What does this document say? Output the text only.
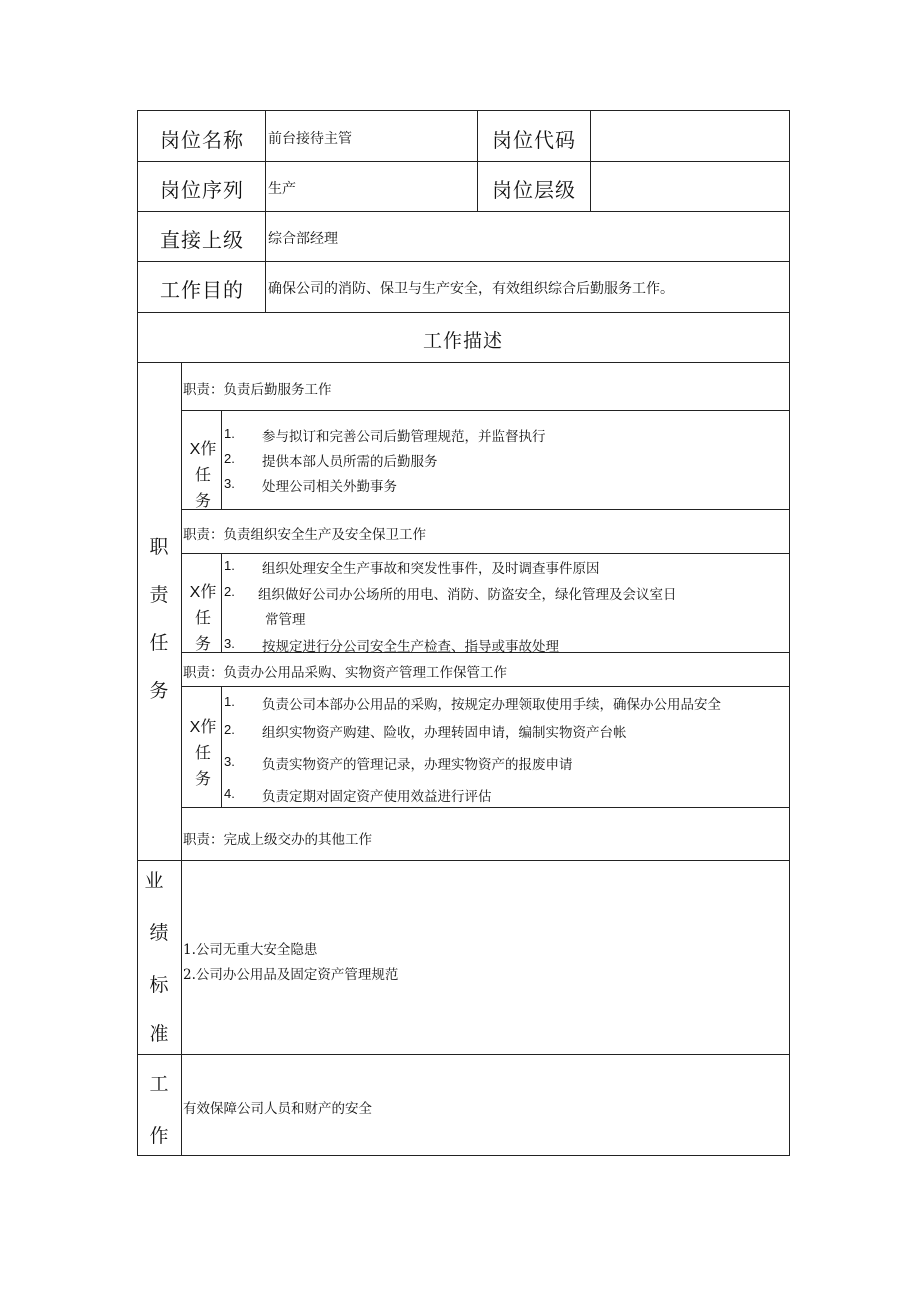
岗位名称 前台接待主管	岗位代码
岗位序列 生产	岗位层级
直接上级 综合部经理
工作目的 确保公司的消防、保卫与生产安全，有效组织综合后勤服务工作。
工作描述
职
责
任
务
职责：负责后勤服务工作
X作
任
务
1. 参与拟订和完善公司后勤管理规范，并监督执行
2. 提供本部人员所需的后勤服务
3. 处理公司相关外勤事务
职责：负责组织安全生产及安全保卫工作
X作
任
务
1. 组织处理安全生产事故和突发性事件，及时调查事件原因
2. 组织做好公司办公场所的用电、消防、防盗安全，绿化管理及会议室日
常管理
3. 按规定进行分公司安全生产检查、指导或事故处理
职责：负责办公用品采购、实物资产管理工作保管工作
X作
任
务
1. 负责公司本部办公用品的采购，按规定办理领取使用手续，确保办公用品安全
2. 组织实物资产购建、险收，办理转固申请，编制实物资产台帐
3. 负责实物资产的管理记录，办理实物资产的报废申请
4. 负责定期对固定资产使用效益进行评估
职责：完成上级交办的其他工作
业
绩
标
准
1.公司无重大安全隐患
2.公司办公用品及固定资产管理规范
工
作
有效保障公司人员和财产的安全
